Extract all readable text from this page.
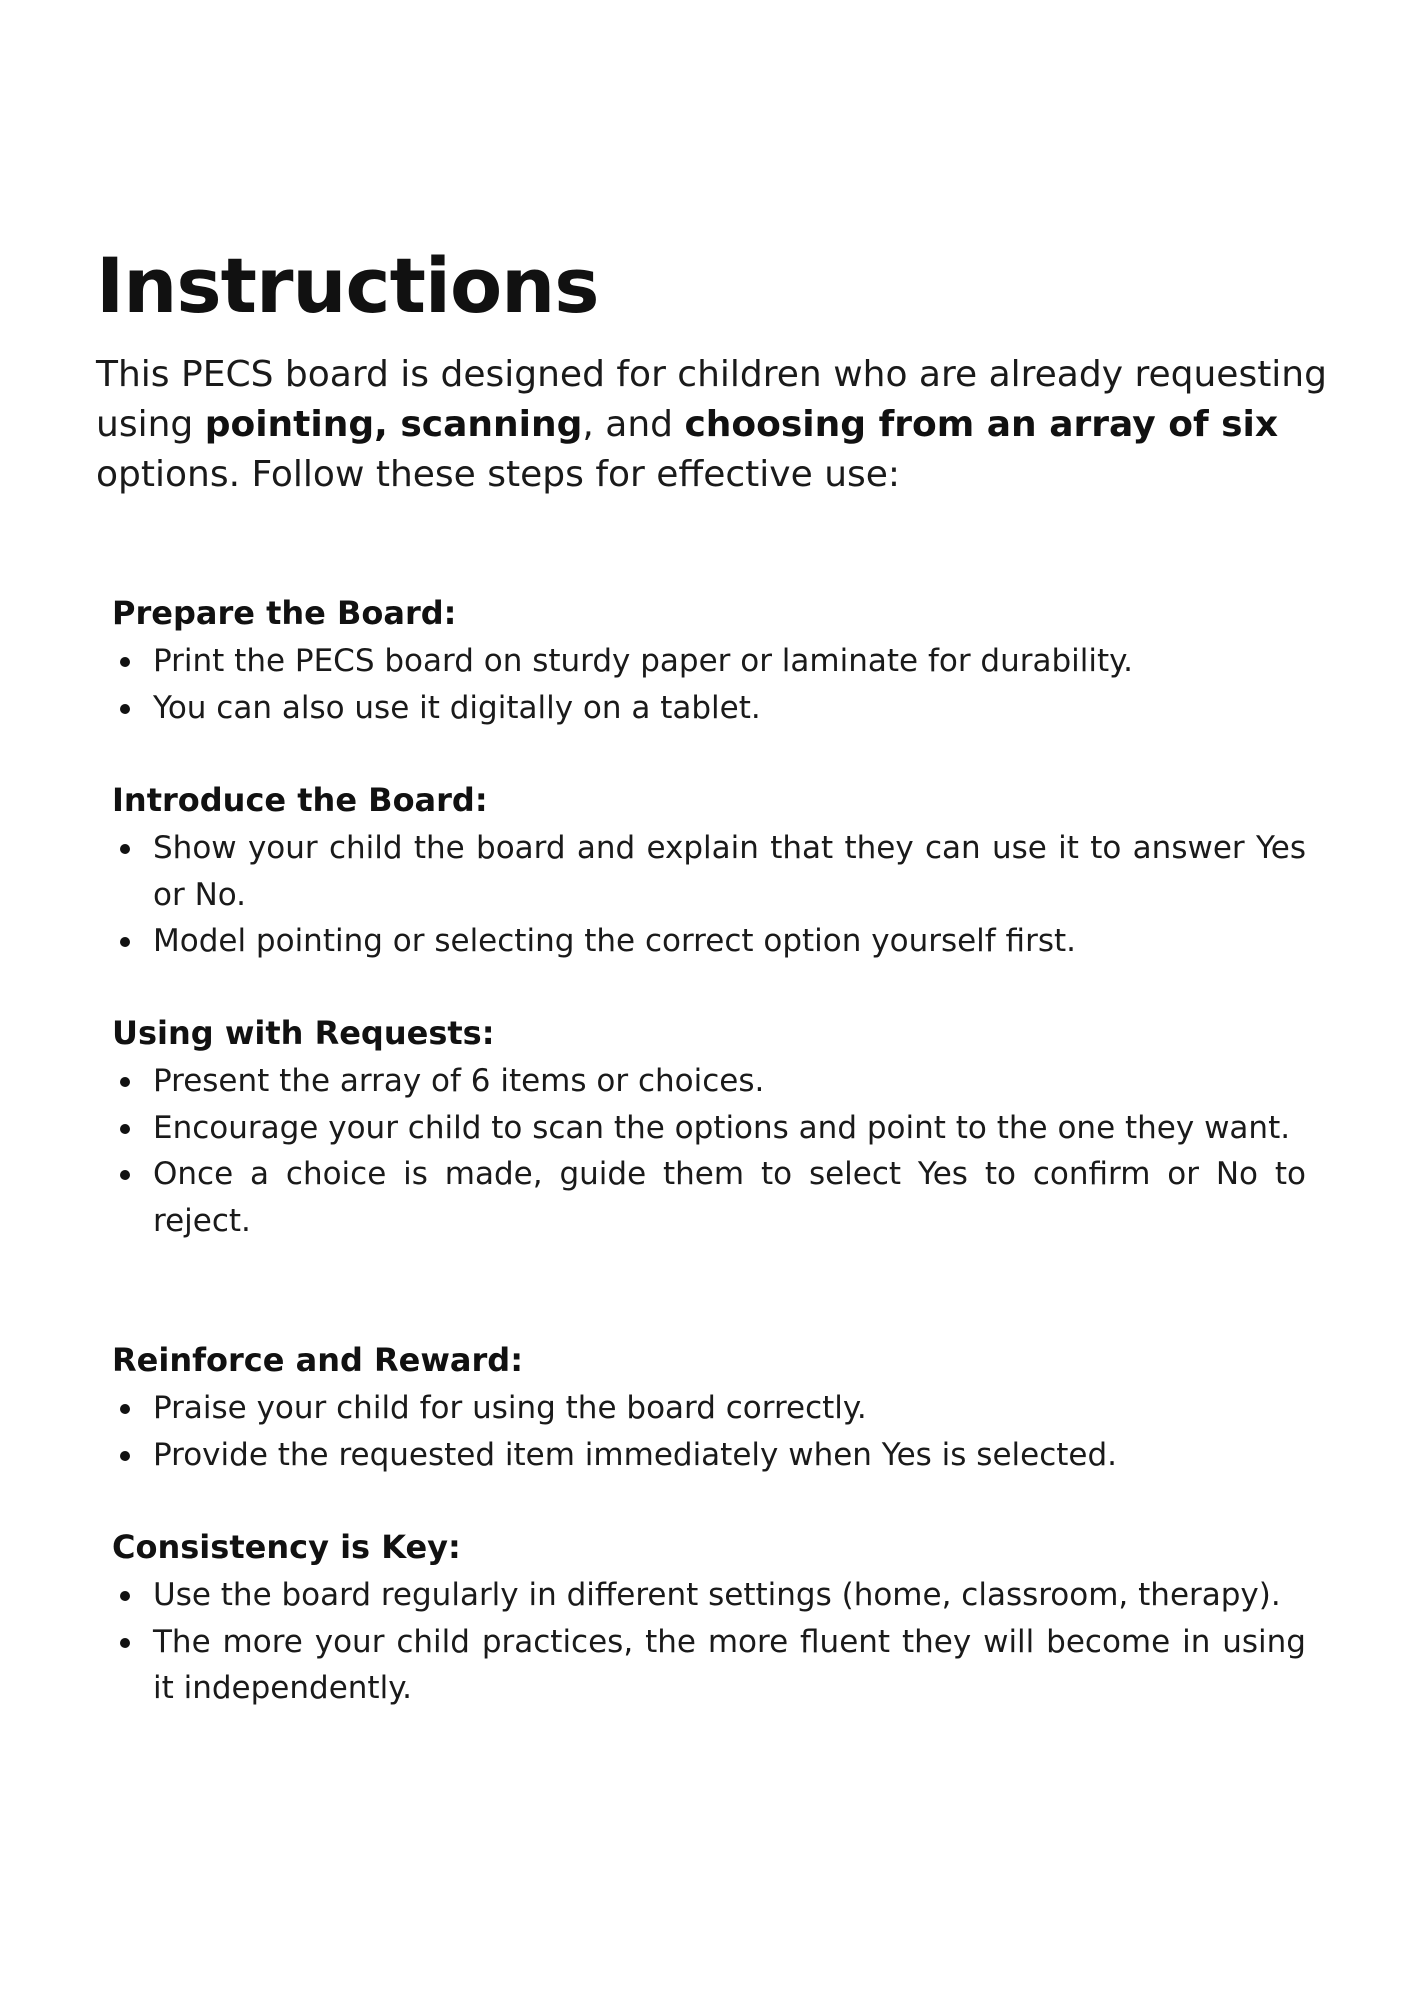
Instructions

This PECS board is designed for children who are already requesting using pointing, scanning, and choosing from an array of six options. Follow these steps for effective use:

Prepare the Board:
Print the PECS board on sturdy paper or laminate for durability.
You can also use it digitally on a tablet.
Introduce the Board:
Show your child the board and explain that they can use it to answer Yes or No.
Model pointing or selecting the correct option yourself first.
Using with Requests:
Present the array of 6 items or choices.
Encourage your child to scan the options and point to the one they want.
Once a choice is made, guide them to select Yes to confirm or No to reject.
Reinforce and Reward:
Praise your child for using the board correctly.
Provide the requested item immediately when Yes is selected.
Consistency is Key:
Use the board regularly in different settings (home, classroom, therapy).
The more your child practices, the more fluent they will become in using it independently.
